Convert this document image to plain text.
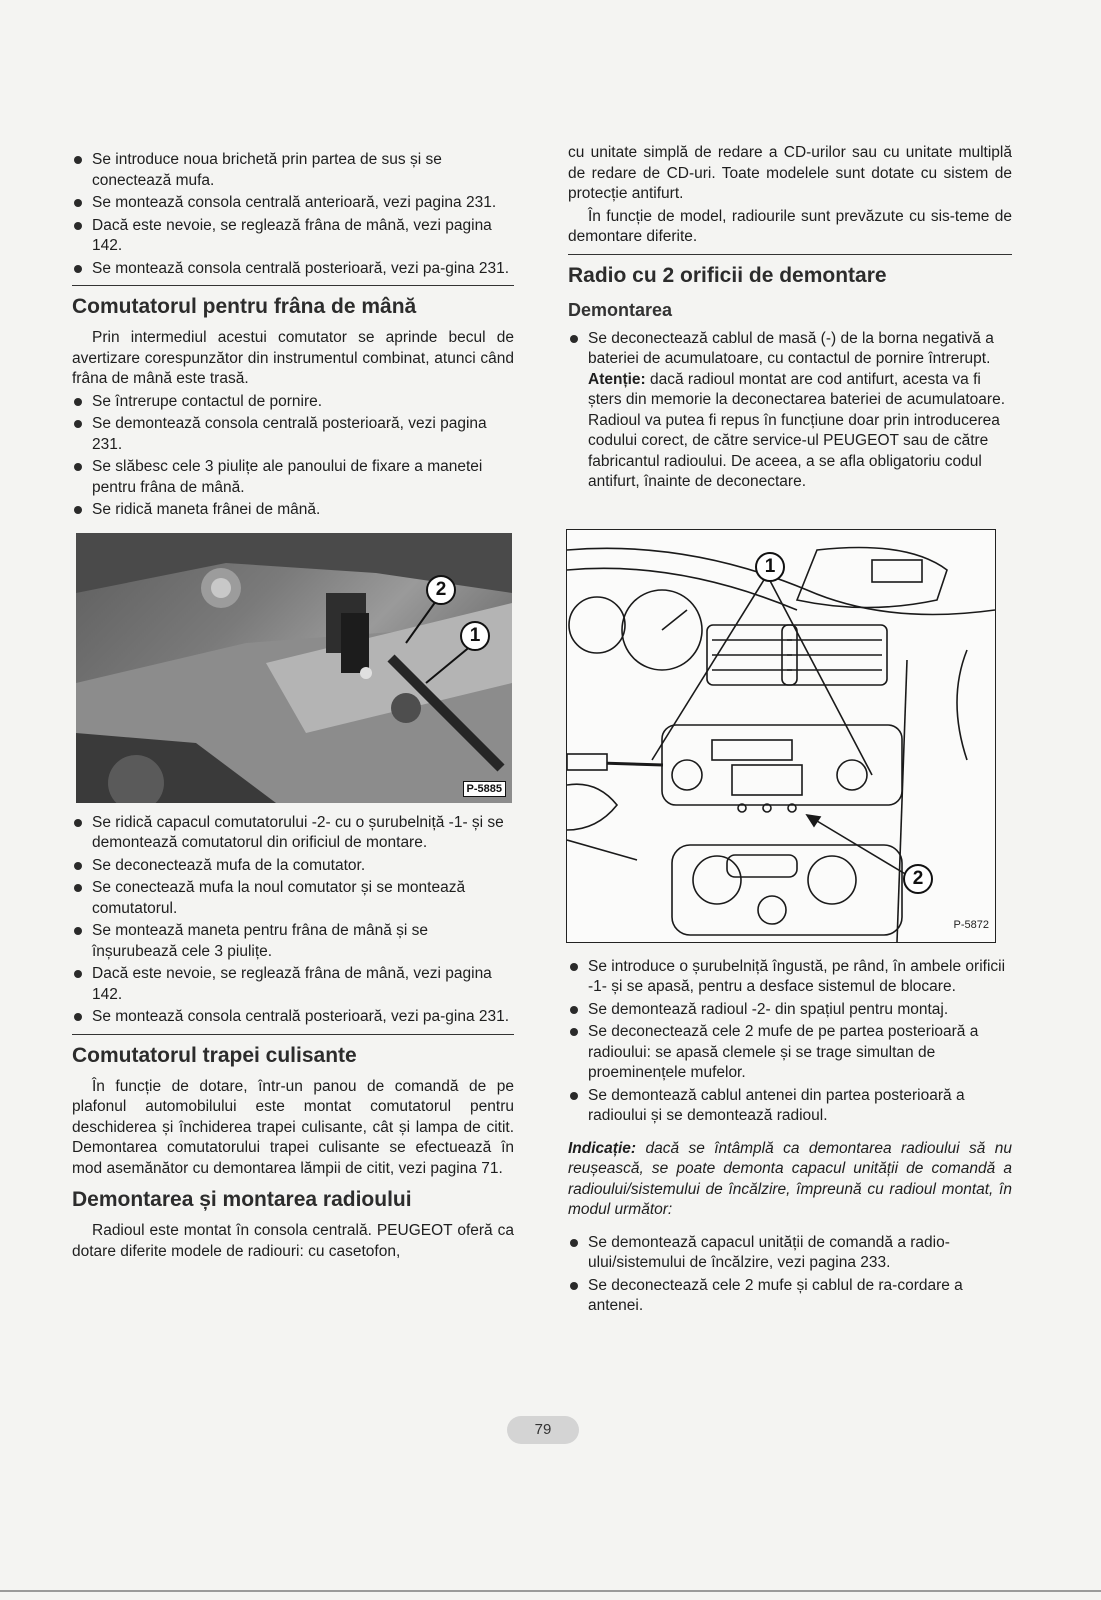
Se introduce noua brichetă prin partea de sus și se conectează mufa.
Se montează consola centrală anterioară, vezi pagina 231.
Dacă este nevoie, se reglează frâna de mână, vezi pagina 142.
Se montează consola centrală posterioară, vezi pa-gina 231.
Comutatorul pentru frâna de mână

Prin intermediul acestui comutator se aprinde becul de avertizare corespunzător din instrumentul combinat, atunci când frâna de mână este trasă.

Se întrerupe contactul de pornire.
Se demontează consola centrală posterioară, vezi pagina 231.
Se slăbesc cele 3 piulițe ale panoului de fixare a manetei pentru frâna de mână.
Se ridică maneta frânei de mână.
2
1
P-5885
Se ridică capacul comutatorului -2- cu o șurubelniță -1- și se demontează comutatorul din orificiul de montare.
Se deconectează mufa de la comutator.
Se conectează mufa la noul comutator și se montează comutatorul.
Se montează maneta pentru frâna de mână și se înșurubează cele 3 piulițe.
Dacă este nevoie, se reglează frâna de mână, vezi pagina 142.
Se montează consola centrală posterioară, vezi pa-gina 231.
Comutatorul trapei culisante

În funcție de dotare, într-un panou de comandă de pe plafonul automobilului este montat comutatorul pentru deschiderea și închiderea trapei culisante, cât și lampa de citit. Demontarea comutatorului trapei culisante se efectuează în mod asemănător cu demontarea lămpii de citit, vezi pagina 71.

Demontarea și montarea radioului

Radioul este montat în consola centrală. PEUGEOT oferă ca dotare diferite modele de radiouri: cu casetofon,

cu unitate simplă de redare a CD-urilor sau cu unitate multiplă de redare de CD-uri. Toate modelele sunt dotate cu sistem de protecție antifurt.

În funcție de model, radiourile sunt prevăzute cu sis-teme de demontare diferite.

Radio cu 2 orificii de demontare
Demontarea
Se deconectează cablul de masă (-) de la borna negativă a bateriei de acumulatoare, cu contactul de pornire întrerupt. Atenție: dacă radioul montat are cod antifurt, acesta va fi șters din memorie la deconectarea bateriei de acumulatoare. Radioul va putea fi repus în funcțiune doar prin introducerea codului corect, de către service-ul PEUGEOT sau de către fabricantul radioului. De aceea, a se afla obligatoriu codul antifurt, înainte de deconectare.
1
2
P-5872
Se introduce o șurubelniță îngustă, pe rând, în ambele orificii -1- și se apasă, pentru a desface sistemul de blocare.
Se demontează radioul -2- din spațiul pentru montaj.
Se deconectează cele 2 mufe de pe partea posterioară a radioului: se apasă clemele și se trage simultan de proeminențele mufelor.
Se demontează cablul antenei din partea posterioară a radioului și se demontează radioul.

Indicație: dacă se întâmplă ca demontarea radioului să nu reușească, se poate demonta capacul unității de comandă a radioului/sistemului de încălzire, împreună cu radioul montat, în modul următor:

Se demontează capacul unității de comandă a radio-ului/sistemului de încălzire, vezi pagina 233.
Se deconectează cele 2 mufe și cablul de ra-cordare a antenei.
79
